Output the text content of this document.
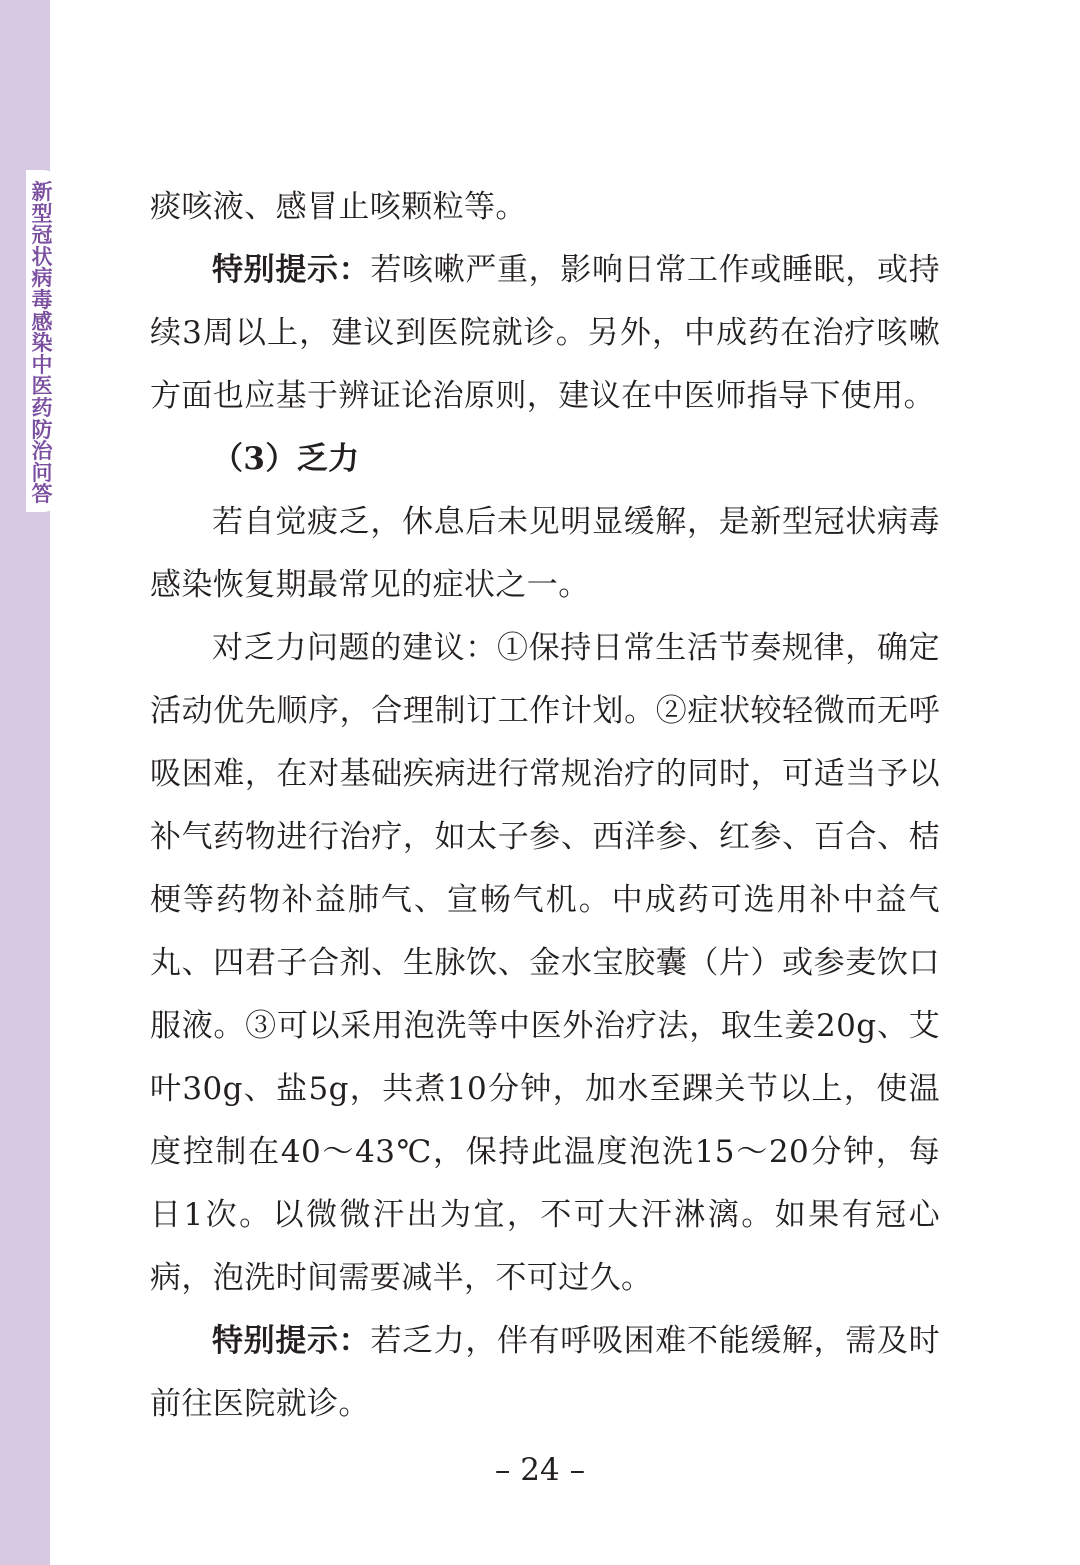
新型冠状病毒感染中医药防治问答

痰咳液、感冒止咳颗粒等。

特别提示：若咳嗽严重，影响日常工作或睡眠，或持续3周以上，建议到医院就诊。另外，中成药在治疗咳嗽方面也应基于辨证论治原则，建议在中医师指导下使用。

（3）乏力

若自觉疲乏，休息后未见明显缓解，是新型冠状病毒感染恢复期最常见的症状之一。

对乏力问题的建议：①保持日常生活节奏规律，确定活动优先顺序，合理制订工作计划。②症状较轻微而无呼吸困难，在对基础疾病进行常规治疗的同时，可适当予以补气药物进行治疗，如太子参、西洋参、红参、百合、桔梗等药物补益肺气、宣畅气机。中成药可选用补中益气丸、四君子合剂、生脉饮、金水宝胶囊（片）或参麦饮口服液。③可以采用泡洗等中医外治疗法，取生姜20g、艾叶30g、盐5g，共煮10分钟，加水至踝关节以上，使温度控制在40～43℃，保持此温度泡洗15～20分钟，每日1次。以微微汗出为宜，不可大汗淋漓。如果有冠心病，泡洗时间需要减半，不可过久。

特别提示：若乏力，伴有呼吸困难不能缓解，需及时前往医院就诊。

– 24 –
